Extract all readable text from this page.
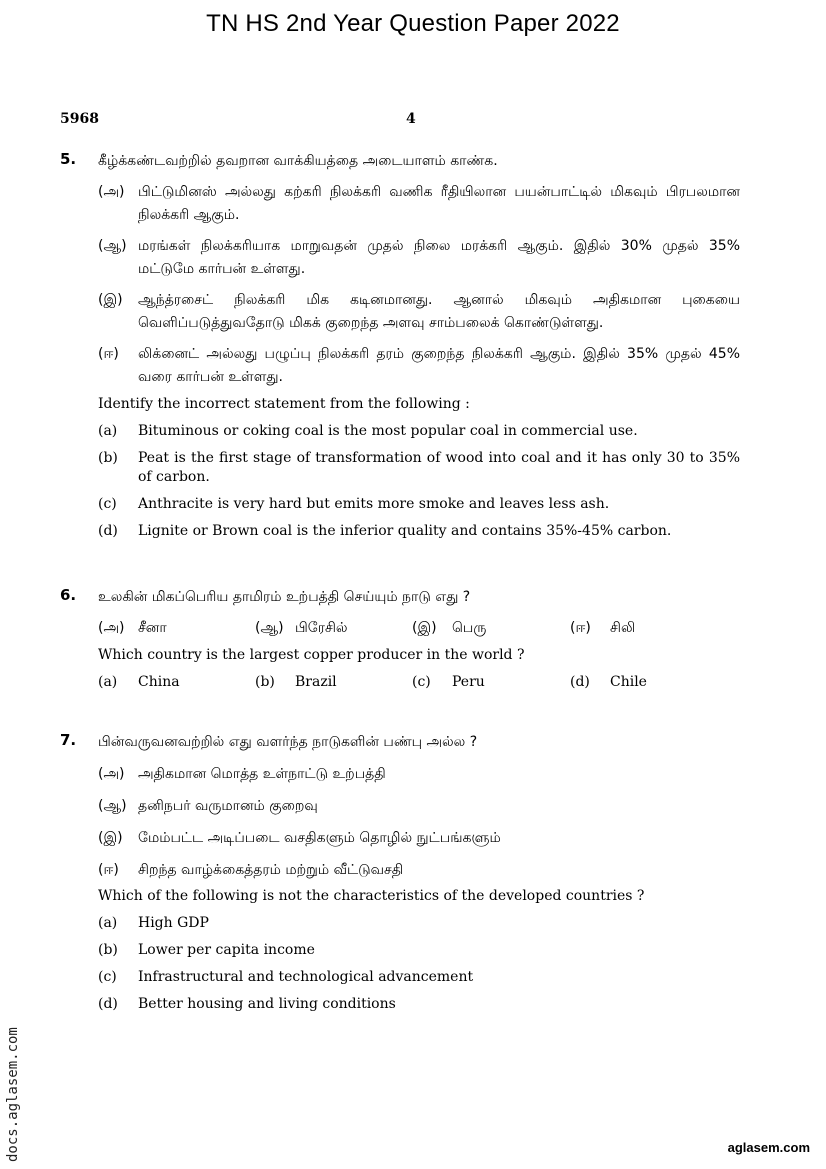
TN HS 2nd Year Question Paper 2022
5968	4
5. கீழ்க்கண்டவற்றில் தவறான வாக்கியத்தை அடையாளம் காண்க.
(அ) பிட்டுமினஸ் அல்லது கற்கரி நிலக்கரி வணிக ரீதியிலான பயன்பாட்டில் மிகவும் பிரபலமான நிலக்கரி ஆகும்.
(ஆ) மரங்கள் நிலக்கரியாக மாறுவதன் முதல் நிலை மரக்கரி ஆகும். இதில் 30% முதல் 35% மட்டுமே கார்பன் உள்ளது.
(இ) ஆந்த்ரசைட் நிலக்கரி மிக கடினமானது. ஆனால் மிகவும் அதிகமான புகையை வெளிப்படுத்துவதோடு மிகக் குறைந்த அளவு சாம்பலைக் கொண்டுள்ளது.
(ஈ) லிக்னைட் அல்லது பழுப்பு நிலக்கரி தரம் குறைந்த நிலக்கரி ஆகும். இதில் 35% முதல் 45% வரை கார்பன் உள்ளது.
Identify the incorrect statement from the following :
(a) Bituminous or coking coal is the most popular coal in commercial use.
(b) Peat is the first stage of transformation of wood into coal and it has only 30 to 35% of carbon.
(c) Anthracite is very hard but emits more smoke and leaves less ash.
(d) Lignite or Brown coal is the inferior quality and contains 35%-45% carbon.
6. உலகின் மிகப்பெரிய தாமிரம் உற்பத்தி செய்யும் நாடு எது ?
(அ) சீனா	(ஆ) பிரேசில்	(இ) பெரு	(ஈ) சிலி
Which country is the largest copper producer in the world ?
(a) China	(b) Brazil	(c) Peru	(d) Chile
7. பின்வருவனவற்றில் எது வளர்ந்த நாடுகளின் பண்பு அல்ல ?
(அ) அதிகமான மொத்த உள்நாட்டு உற்பத்தி
(ஆ) தனிநபர் வருமானம் குறைவு
(இ) மேம்பட்ட அடிப்படை வசதிகளும் தொழில் நுட்பங்களும்
(ஈ) சிறந்த வாழ்க்கைத்தரம் மற்றும் வீட்டுவசதி
Which of the following is not the characteristics of the developed countries ?
(a) High GDP
(b) Lower per capita income
(c) Infrastructural and technological advancement
(d) Better housing and living conditions
docs.aglasem.com	aglasem.com
